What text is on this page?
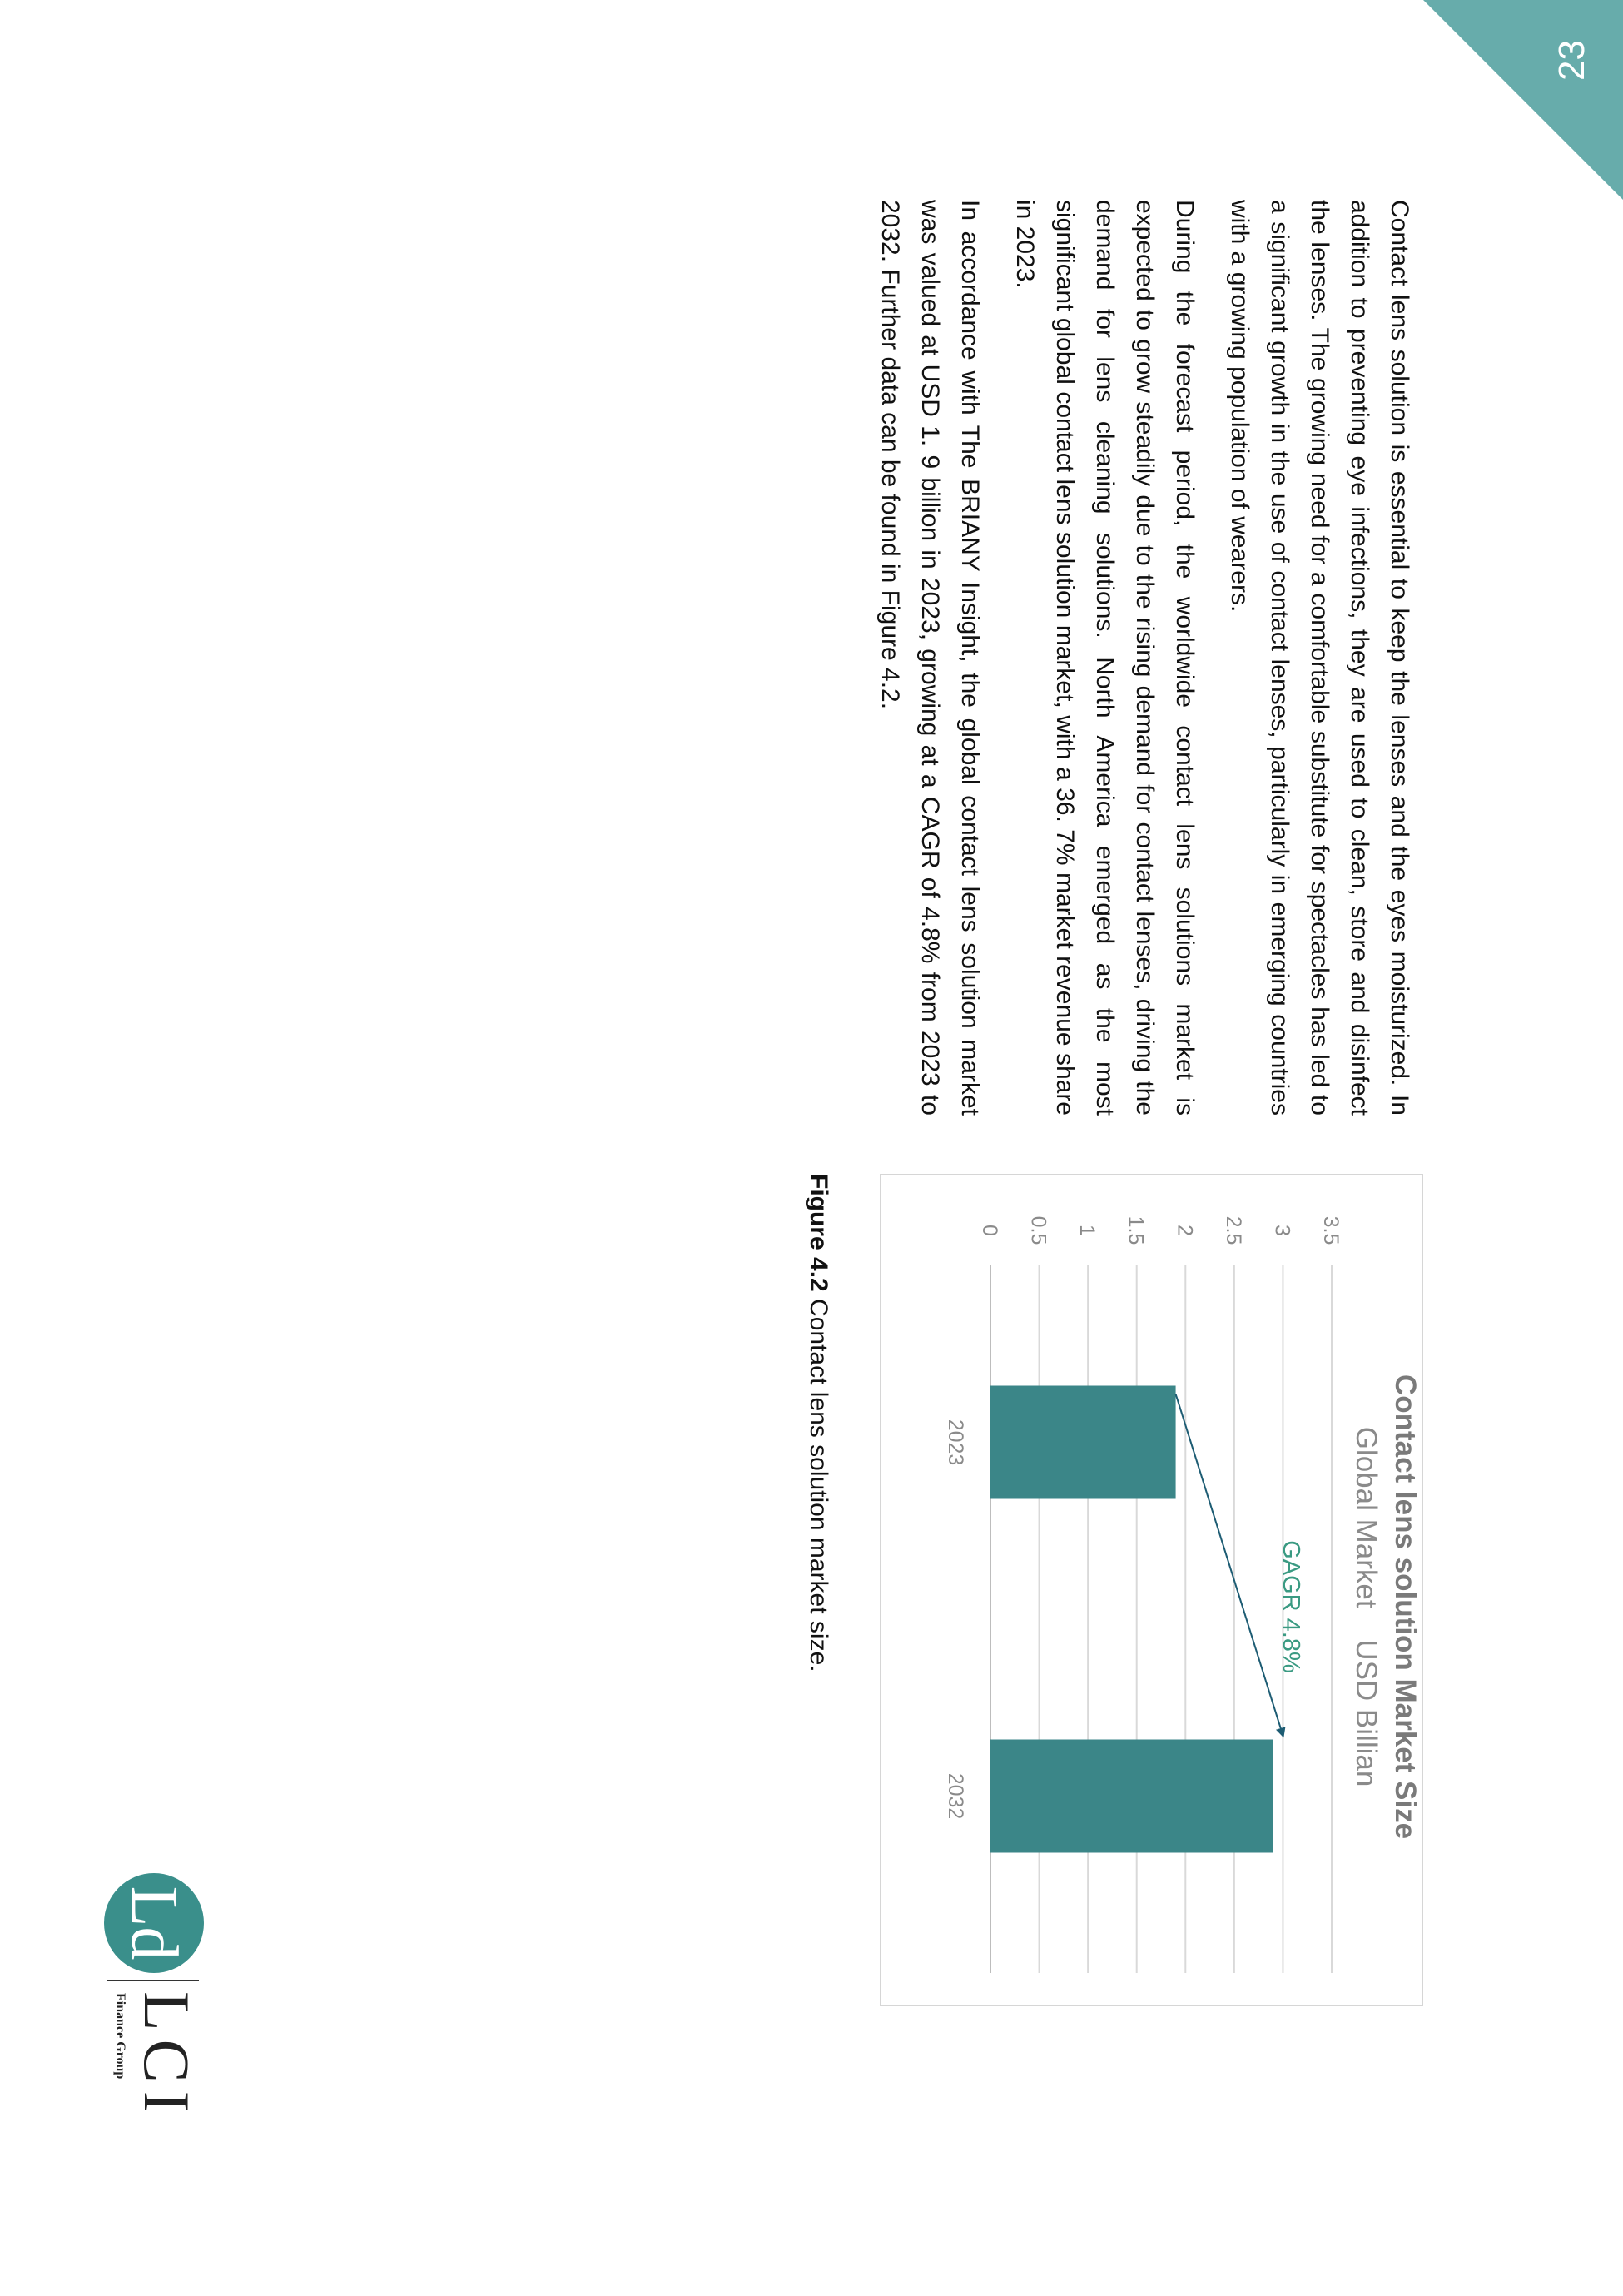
23

Contact lens solution is essential to keep the lenses and the eyes moisturized. In addition to preventing eye infections, they are used to clean, store and disinfect the lenses. The growing need for a comfortable substitute for spectacles has led to a significant growth in the use of contact lenses, particularly in emerging countries with a growing population of wearers.

During the forecast period, the worldwide contact lens solutions market is expected to grow steadily due to the rising demand for contact lenses, driving the demand for lens cleaning solutions. North America emerged as the most significant global contact lens solution market, with a 36. 7% market revenue share in 2023.

In accordance with The BRIANY Insight, the global contact lens solution market was valued at USD 1. 9 billion in 2023, growing at a CAGR of 4.8% from 2023 to 2032. Further data can be found in Figure 4.2.

0 0.5 1 1.5 2 2.5 3 3.5
2023
2032	Contact lens solution Market Size
Global Market USD Billian
GAGR 4.8%
Figure 4.2 Contact lens solution market size.
Ld
LCI
Finance Group
